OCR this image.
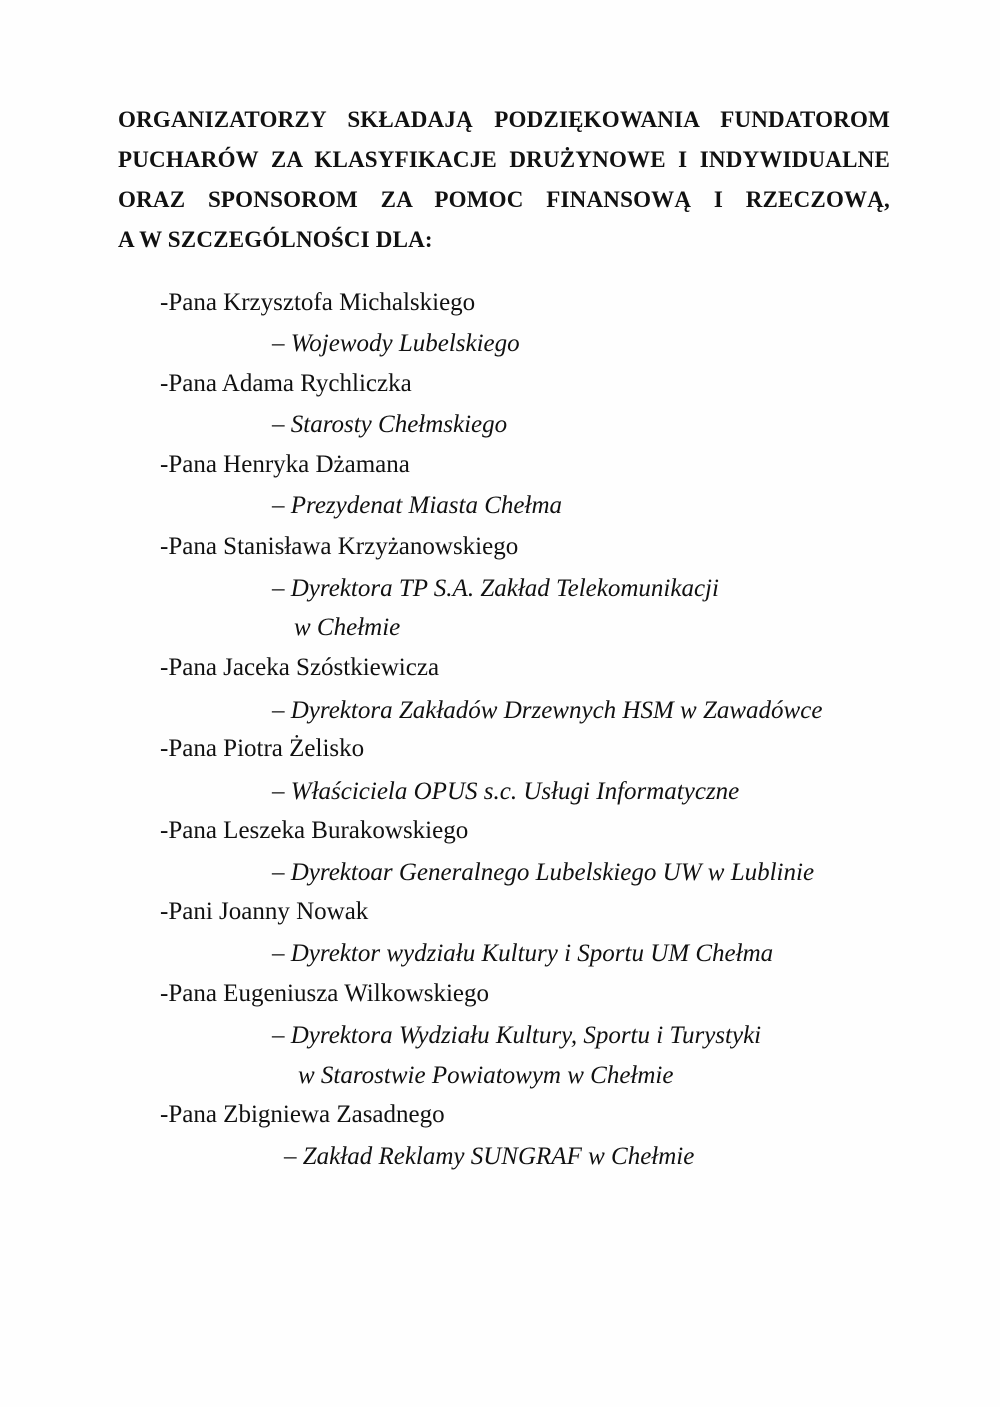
ORGANIZATORZY SKŁADAJĄ PODZIĘKOWANIA FUNDATOROM
PUCHARÓW ZA KLASYFIKACJE DRUŻYNOWE I INDYWIDUALNE
ORAZ SPONSOROM ZA POMOC FINANSOWĄ I RZECZOWĄ,
A W SZCZEGÓLNOŚCI DLA:
-Pana Krzysztofa Michalskiego
– Wojewody Lubelskiego
-Pana Adama Rychliczka
– Starosty Chełmskiego
-Pana Henryka Dżamana
– Prezydenat Miasta Chełma
-Pana Stanisława Krzyżanowskiego
– Dyrektora TP S.A. Zakład Telekomunikacji
w Chełmie
-Pana Jaceka Szóstkiewicza
– Dyrektora Zakładów Drzewnych HSM w Zawadówce
-Pana Piotra Żelisko
– Właściciela OPUS s.c. Usługi Informatyczne
-Pana Leszeka Burakowskiego
– Dyrektoar Generalnego Lubelskiego UW w Lublinie
-Pani Joanny Nowak
– Dyrektor wydziału Kultury i Sportu UM Chełma
-Pana Eugeniusza Wilkowskiego
– Dyrektora Wydziału Kultury, Sportu i Turystyki
w Starostwie Powiatowym w Chełmie
-Pana Zbigniewa Zasadnego
– Zakład Reklamy SUNGRAF w Chełmie
